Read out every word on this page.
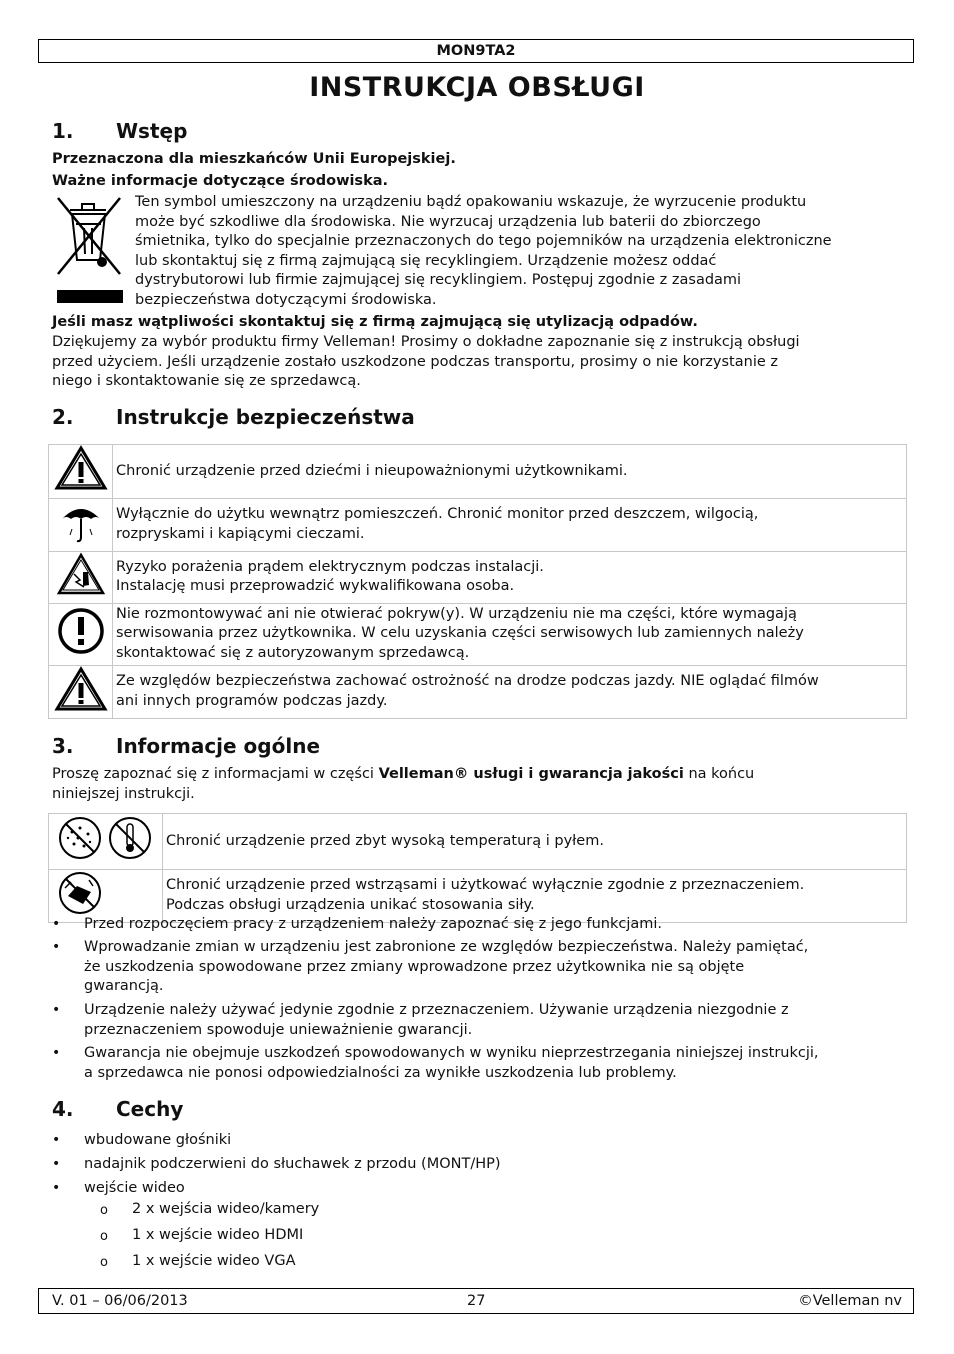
MON9TA2
INSTRUKCJA OBSŁUGI
1. Wstęp

Przeznaczona dla mieszkańców Unii Europejskiej.

Ważne informacje dotyczące środowiska.

Ten symbol umieszczony na urządzeniu bądź opakowaniu wskazuje, że wyrzucenie produktu

może być szkodliwe dla środowiska. Nie wyrzucaj urządzenia lub baterii do zbiorczego

śmietnika, tylko do specjalnie przeznaczonych do tego pojemników na urządzenia elektroniczne

lub skontaktuj się z firmą zajmującą się recyklingiem. Urządzenie możesz oddać

dystrybutorowi lub firmie zajmującej się recyklingiem. Postępuj zgodnie z zasadami

bezpieczeństwa dotyczącymi środowiska.

Jeśli masz wątpliwości skontaktuj się z firmą zajmującą się utylizacją odpadów.

Dziękujemy za wybór produktu firmy Velleman! Prosimy o dokładne zapoznanie się z instrukcją obsługi

przed użyciem. Jeśli urządzenie zostało uszkodzone podczas transportu, prosimy o nie korzystanie z

niego i skontaktowanie się ze sprzedawcą.

2. Instrukcje bezpieczeństwa

Chronić urządzenie przed dziećmi i nieupoważnionymi użytkownikami.

Wyłącznie do użytku wewnątrz pomieszczeń. Chronić monitor przed deszczem, wilgocią,
rozpryskami i kapiącymi cieczami.

Ryzyko porażenia prądem elektrycznym podczas instalacji.
Instalację musi przeprowadzić wykwalifikowana osoba.

Nie rozmontowywać ani nie otwierać pokryw(y). W urządzeniu nie ma części, które wymagają
serwisowania przez użytkownika. W celu uzyskania części serwisowych lub zamiennych należy
skontaktować się z autoryzowanym sprzedawcą.

Ze względów bezpieczeństwa zachować ostrożność na drodze podczas jazdy. NIE oglądać filmów
ani innych programów podczas jazdy.
3. Informacje ogólne

Proszę zapoznać się z informacjami w części Velleman® usługi i gwarancja jakości na końcu

niniejszej instrukcji.

Chronić urządzenie przed zbyt wysoką temperaturą i pyłem.

Chronić urządzenie przed wstrząsami i użytkować wyłącznie zgodnie z przeznaczeniem.
Podczas obsługi urządzenia unikać stosowania siły.
• Przed rozpoczęciem pracy z urządzeniem należy zapoznać się z jego funkcjami.

• Wprowadzanie zmian w urządzeniu jest zabronione ze względów bezpieczeństwa. Należy pamiętać,

że uszkodzenia spowodowane przez zmiany wprowadzone przez użytkownika nie są objęte

gwarancją.

• Urządzenie należy używać jedynie zgodnie z przeznaczeniem. Używanie urządzenia niezgodnie z

przeznaczeniem spowoduje unieważnienie gwarancji.

• Gwarancja nie obejmuje uszkodzeń spowodowanych w wyniku nieprzestrzegania niniejszej instrukcji,

a sprzedawca nie ponosi odpowiedzialności za wynikłe uszkodzenia lub problemy.

4. Cechy
• wbudowane głośniki

• nadajnik podczerwieni do słuchawek z przodu (MONT/HP)

• wejście wideo

o 2 x wejścia wideo/kamery
o 1 x wejście wideo HDMI
o 1 x wejście wideo VGA
V. 01 – 06/06/2013	27	©Velleman nv
